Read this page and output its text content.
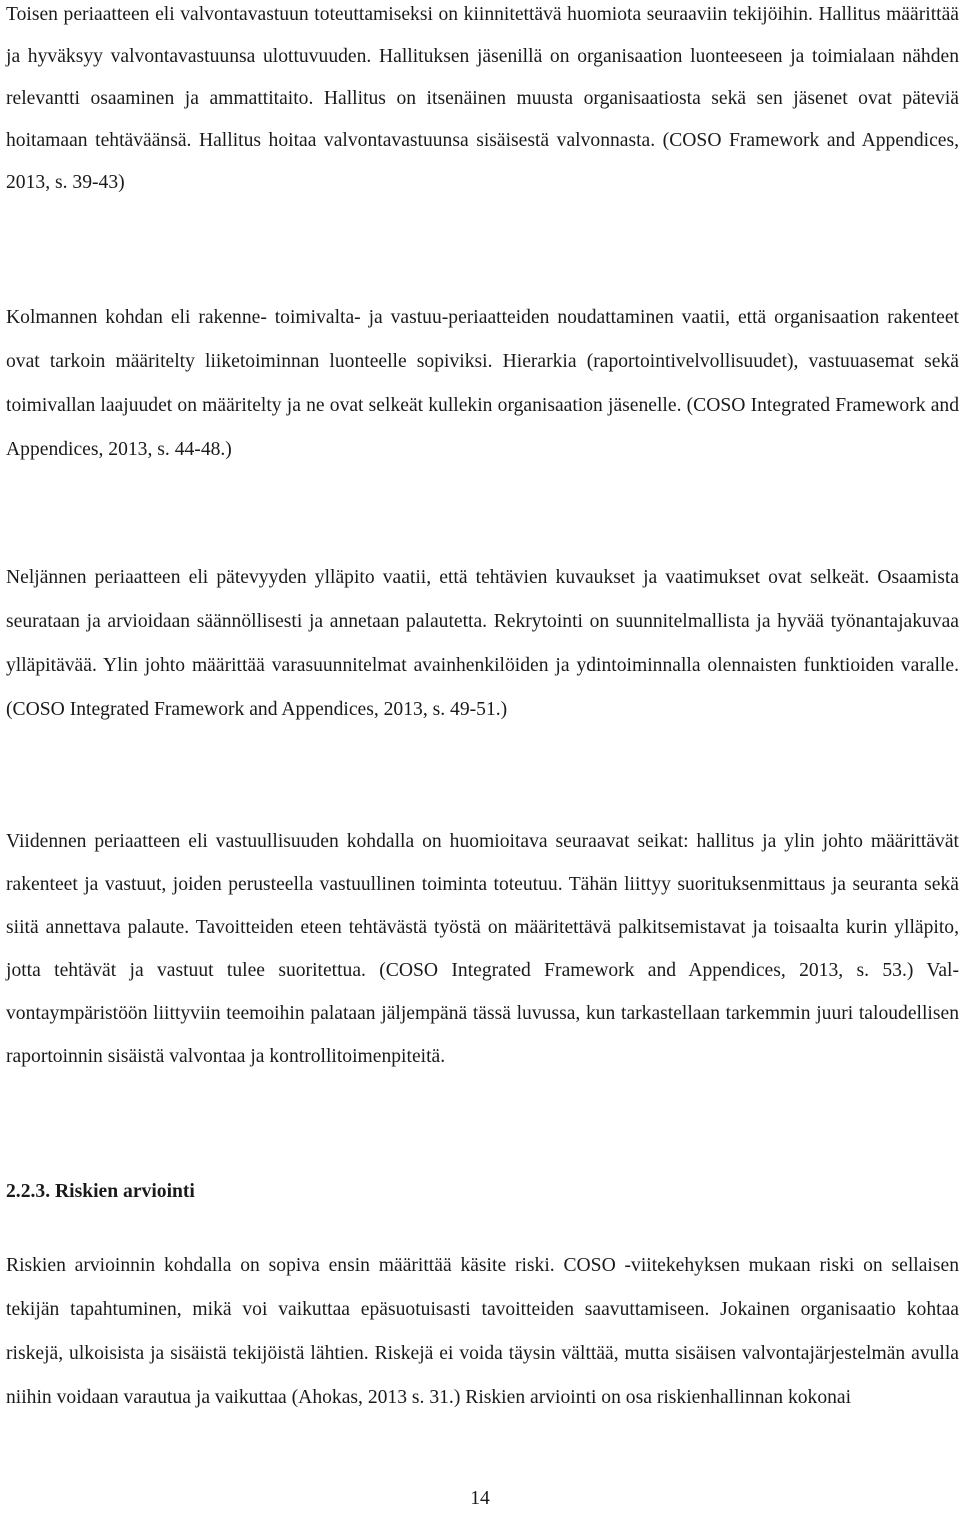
Toisen periaatteen eli valvontavastuun toteuttamiseksi on kiinnitettävä huomiota seuraaviin tekijöihin. Hallitus määrittää ja hyväksyy valvontavastuunsa ulottuvuuden. Hallituksen jäsenillä on organisaation luonteeseen ja toimialaan nähden relevantti osaaminen ja ammattitaito. Hallitus on itsenäinen muusta organisaatiosta sekä sen jäsenet ovat päteviä hoitamaan tehtäväänsä. Hallitus hoitaa valvontavastuunsa sisäisestä valvonnasta. (COSO Framework and Appendices, 2013, s. 39-43)

Kolmannen kohdan eli rakenne- toimivalta- ja vastuu-periaatteiden noudattaminen vaatii, että organisaation rakenteet ovat tarkoin määritelty liiketoiminnan luonteelle sopiviksi. Hierarkia (raportointivelvollisuudet), vastuuasemat sekä toimivallan laajuudet on määritelty ja ne ovat selkeät kullekin organisaation jäsenelle. (COSO Integrated Framework and Appendices, 2013, s. 44-48.)

Neljännen periaatteen eli pätevyyden ylläpito vaatii, että tehtävien kuvaukset ja vaatimukset ovat selkeät. Osaamista seurataan ja arvioidaan säännöllisesti ja annetaan palautetta. Rekrytointi on suunnitelmallista ja hyvää työnantajakuvaa ylläpitävää. Ylin johto määrittää varasuunnitelmat avainhenkilöiden ja ydintoiminnalla olennaisten funktioiden varalle. (COSO Integrated Framework and Appendices, 2013, s. 49-51.)

Viidennen periaatteen eli vastuullisuuden kohdalla on huomioitava seuraavat seikat: hallitus ja ylin johto määrittävät rakenteet ja vastuut, joiden perusteella vastuullinen toiminta toteutuu. Tähän liittyy suorituksenmittaus ja seuranta sekä siitä annettava palaute. Tavoitteiden eteen tehtävästä työstä on määritettävä palkitsemistavat ja toisaalta kurin ylläpito, jotta tehtävät ja vastuut tulee suoritettua. (COSO Integrated Framework and Appendices, 2013, s. 53.) Valvontaympäristöön liittyviin teemoihin palataan jäljempänä tässä luvussa, kun tarkastellaan tarkemmin juuri taloudellisen raportoinnin sisäistä valvontaa ja kontrollitoimenpiteitä.

2.2.3. Riskien arviointi

Riskien arvioinnin kohdalla on sopiva ensin määrittää käsite riski. COSO -viitekehyksen mukaan riski on sellaisen tekijän tapahtuminen, mikä voi vaikuttaa epäsuotuisasti tavoitteiden saavuttamiseen. Jokainen organisaatio kohtaa riskejä, ulkoisista ja sisäistä tekijöistä lähtien. Riskejä ei voida täysin välttää, mutta sisäisen valvontajärjestelmän avulla niihin voidaan varautua ja vaikuttaa (Ahokas, 2013 s. 31.) Riskien arviointi on osa riskienhallinnan kokonai

14
